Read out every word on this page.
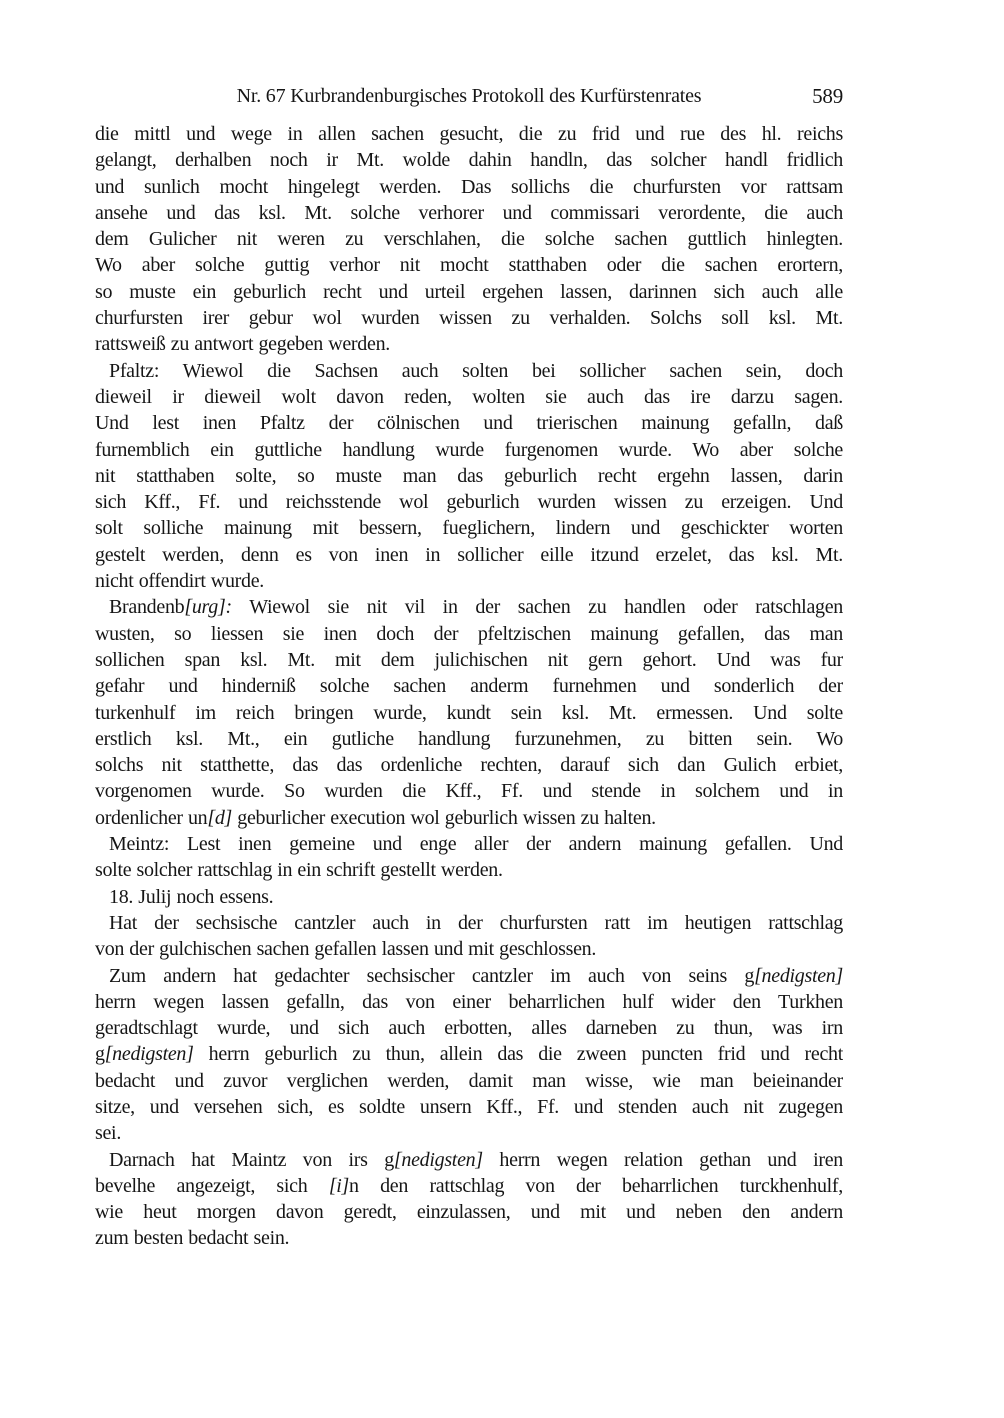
Nr. 67 Kurbrandenburgisches Protokoll des Kurfürstenrates	589
die mittl und wege in allen sachen gesucht, die zu frid und rue des hl. reichs
gelangt, derhalben noch ir Mt. wolde dahin handln, das solcher handl fridlich
und sunlich mocht hingelegt werden. Das sollichs die churfursten vor rattsam
ansehe und das ksl. Mt. solche verhorer und commissari verordente, die auch
dem Gulicher nit weren zu verschlahen, die solche sachen guttlich hinlegten.
Wo aber solche guttig verhor nit mocht statthaben oder die sachen erortern,
so muste ein geburlich recht und urteil ergehen lassen, darinnen sich auch alle
churfursten irer gebur wol wurden wissen zu verhalden. Solchs soll ksl. Mt.
rattsweiß zu antwort gegeben werden.
Pfaltz: Wiewol die Sachsen auch solten bei sollicher sachen sein, doch
dieweil ir dieweil wolt davon reden, wolten sie auch das ire darzu sagen.
Und lest inen Pfaltz der cölnischen und trierischen mainung gefalln, daß
furnemblich ein guttliche handlung wurde furgenomen wurde. Wo aber solche
nit statthaben solte, so muste man das geburlich recht ergehn lassen, darin
sich Kff., Ff. und reichsstende wol geburlich wurden wissen zu erzeigen. Und
solt solliche mainung mit bessern, fueglichern, lindern und geschickter worten
gestelt werden, denn es von inen in sollicher eille itzund erzelet, das ksl. Mt.
nicht offendirt wurde.
Brandenb[urg]: Wiewol sie nit vil in der sachen zu handlen oder ratschlagen
wusten, so liessen sie inen doch der pfeltzischen mainung gefallen, das man
sollichen span ksl. Mt. mit dem julichischen nit gern gehort. Und was fur
gefahr und hinderniß solche sachen anderm furnehmen und sonderlich der
turkenhulf im reich bringen wurde, kundt sein ksl. Mt. ermessen. Und solte
erstlich ksl. Mt., ein gutliche handlung furzunehmen, zu bitten sein. Wo
solchs nit statthette, das das ordenliche rechten, darauf sich dan Gulich erbiet,
vorgenomen wurde. So wurden die Kff., Ff. und stende in solchem und in
ordenlicher un[d] geburlicher execution wol geburlich wissen zu halten.
Meintz: Lest inen gemeine und enge aller der andern mainung gefallen. Und
solte solcher rattschlag in ein schrift gestellt werden.
18. Julij noch essens.
Hat der sechsische cantzler auch in der churfursten ratt im heutigen rattschlag
von der gulchischen sachen gefallen lassen und mit geschlossen.
Zum andern hat gedachter sechsischer cantzler im auch von seins g[nedigsten]
herrn wegen lassen gefalln, das von einer beharrlichen hulf wider den Turkhen
geradtschlagt wurde, und sich auch erbotten, alles darneben zu thun, was irn
g[nedigsten] herrn geburlich zu thun, allein das die zween puncten frid und recht
bedacht und zuvor verglichen werden, damit man wisse, wie man beieinander
sitze, und versehen sich, es soldte unsern Kff., Ff. und stenden auch nit zugegen
sei.
Darnach hat Maintz von irs g[nedigsten] herrn wegen relation gethan und iren
bevelhe angezeigt, sich [i]n den rattschlag von der beharrlichen turckhenhulf,
wie heut morgen davon geredt, einzulassen, und mit und neben den andern
zum besten bedacht sein.
